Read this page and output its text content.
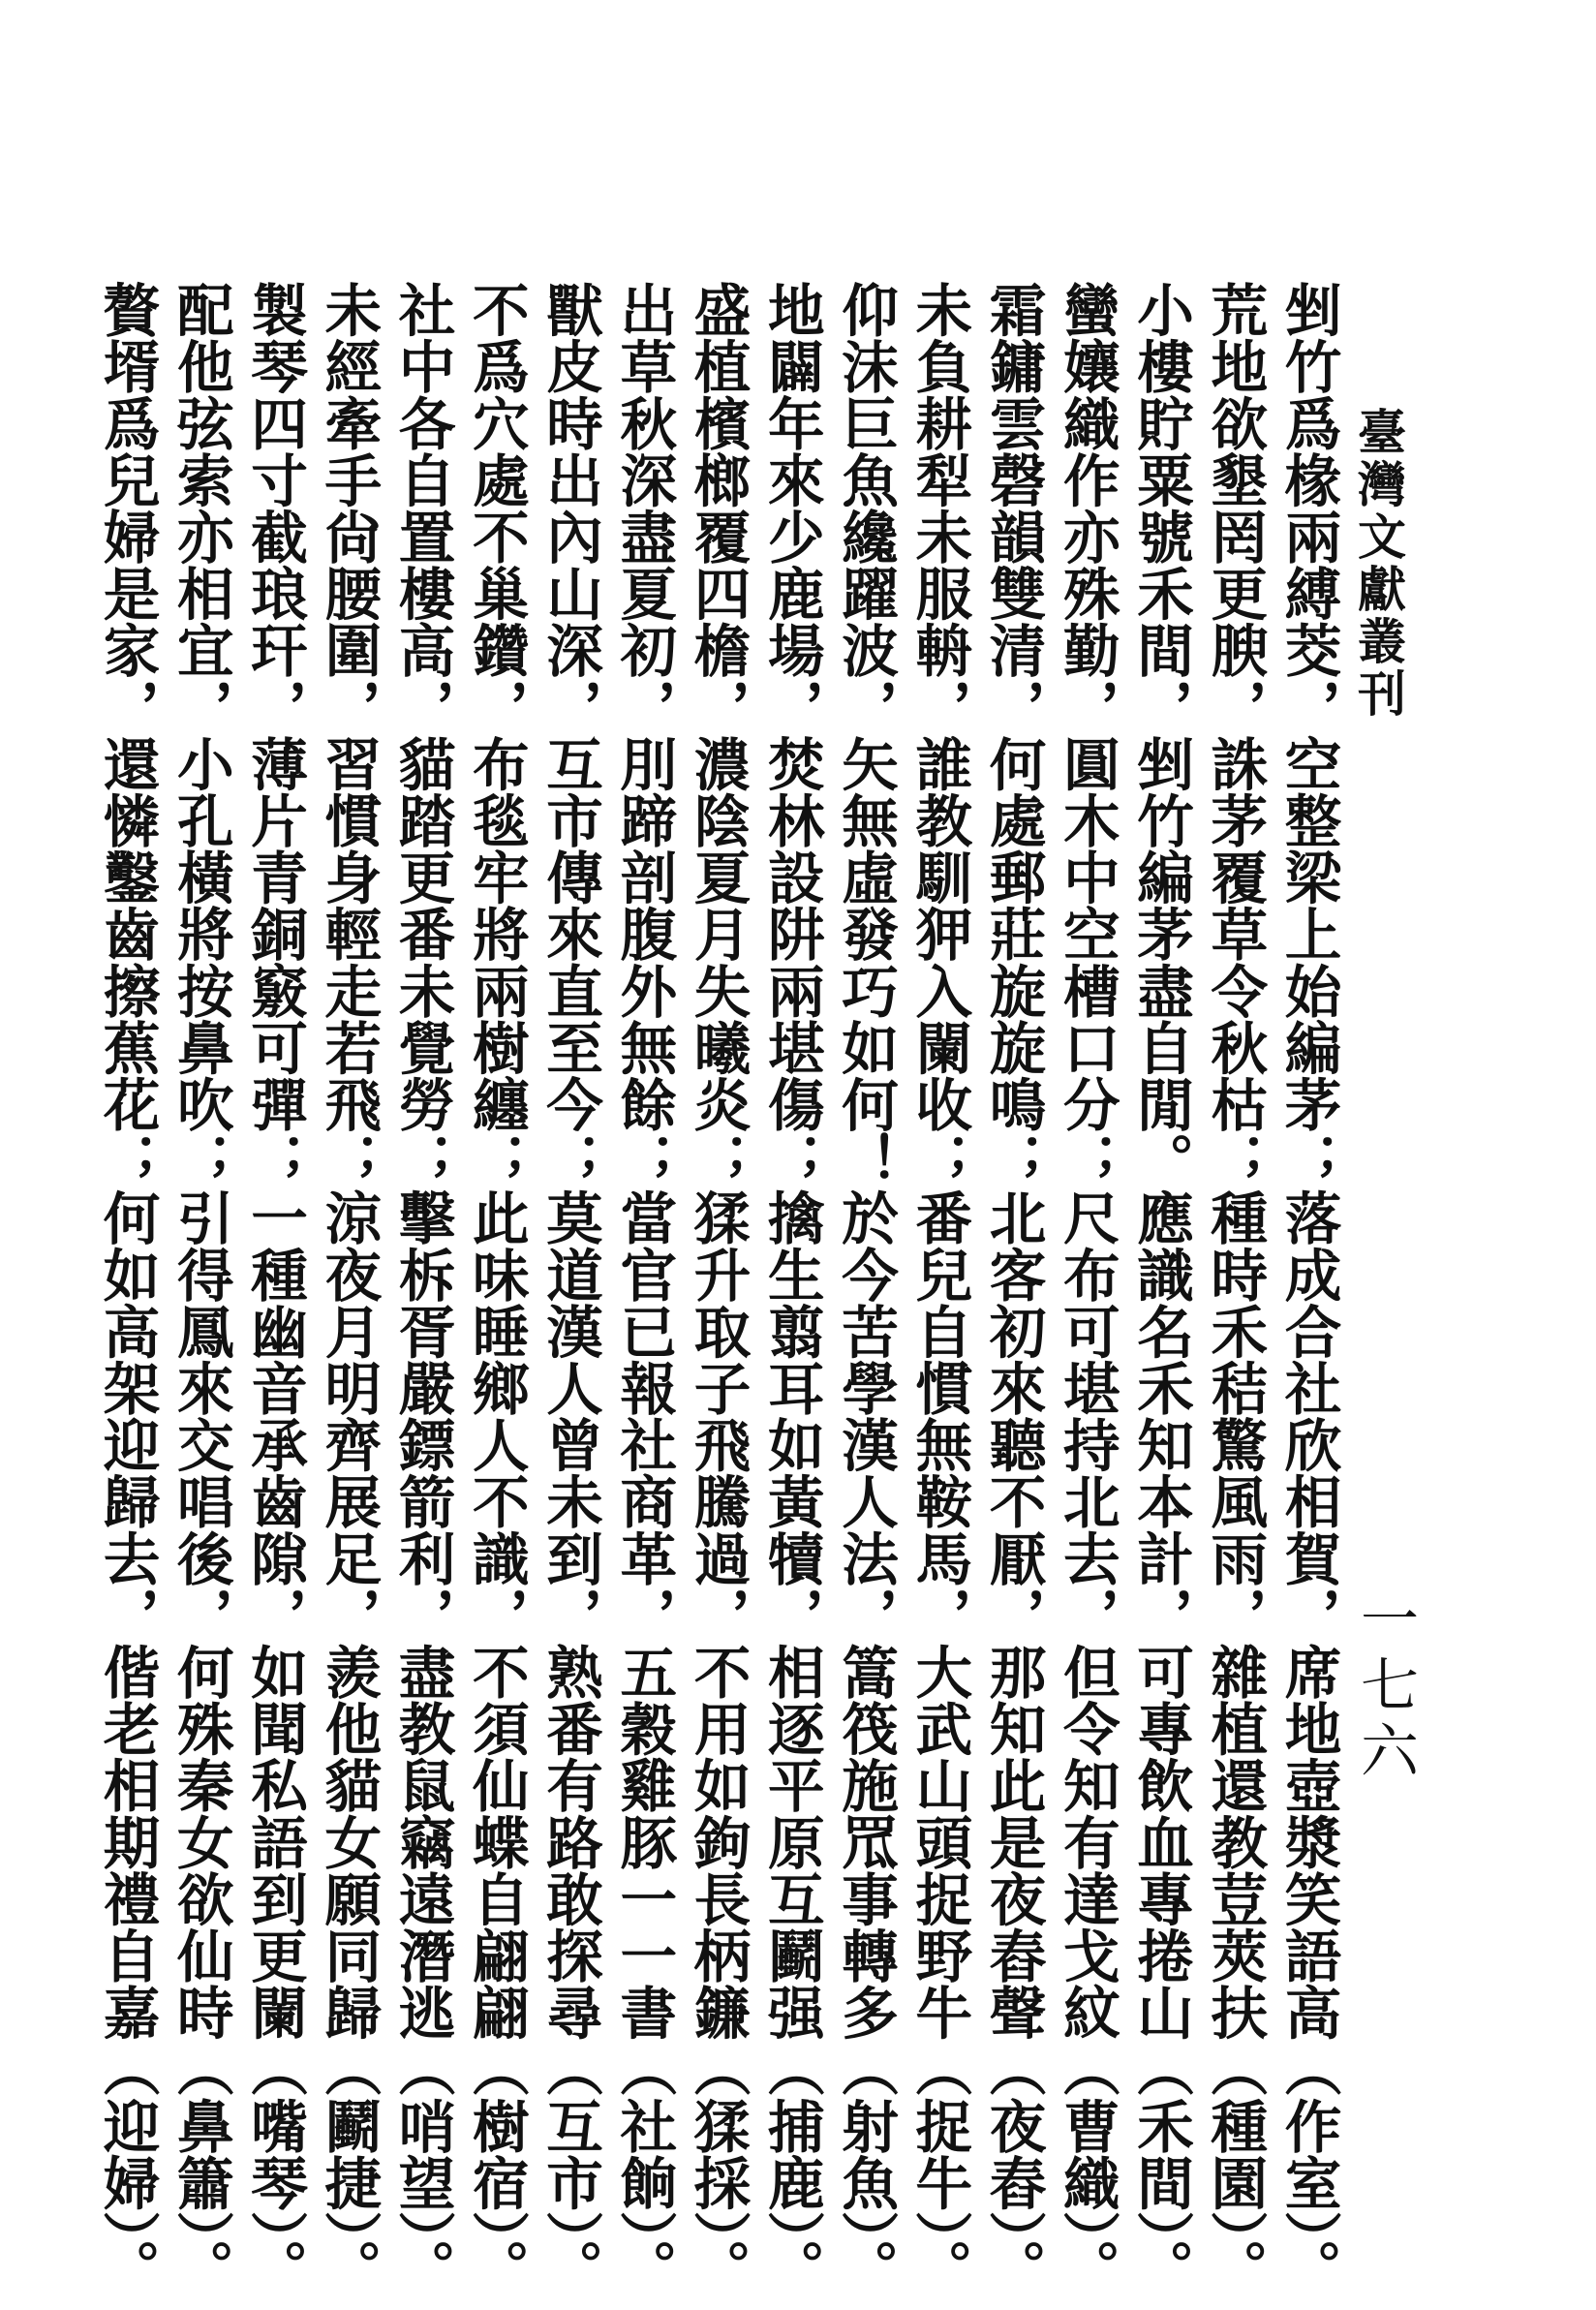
臺灣文獻叢刊
一七六
剉竹爲椽兩縛茭，空整梁上始編茅；落成合社欣相賀，席地壺漿笑語高（作室）。
荒地欲墾罔更腴，誅茅覆草令秋枯；種時禾秸驚風雨，雜植還教荳莢扶（種園）。
小樓貯粟號禾間，剉竹編茅盡自閒。應識名禾知本計，可專飲血專捲山（禾間）。
蠻孃織作亦殊勤，圓木中空槽口分；尺布可堪持北去，但令知有達戈紋（曹織）。
霜鏞雲磬韻雙清，何處郵莊旋旋鳴；北客初來聽不厭，那知此是夜舂聲（夜舂）。
未負耕犁未服輈，誰教馴狎入闌收；番兒自慣無鞍馬，大武山頭捉野牛（捉牛）。
仰沫巨魚纔躍波，矢無虛發巧如何！於今苦學漢人法，篙筏施罛事轉多（射魚）。
地闢年來少鹿場，焚林設阱兩堪傷；擒生翦耳如黃犢，相逐平原互鬬强（捕鹿）。
盛植檳榔覆四檐，濃陰夏月失曦炎；猱升取子飛騰過，不用如鉤長柄鐮（猱採）。
出草秋深盡夏初，刖蹄剖腹外無餘；當官已報社商革，五穀雞豚一一書（社餉）。
獸皮時出內山深，互市傳來直至今；莫道漢人曾未到，熟番有路敢探尋（互市）。
不爲穴處不巢鑽，布毯牢將兩樹纏；此味睡鄉人不識，不須仙蝶自翩翩（樹宿）。
社中各自置樓高，貓踏更番未覺勞；擊柝胥嚴鏢箭利，盡教鼠竊遠潛逃（哨望）。
未經牽手尙腰圍，習慣身輕走若飛；涼夜月明齊展足，羨他貓女願同歸（鬬捷）。
製琴四寸截琅玕，薄片青銅竅可彈；一種幽音承齒隙，如聞私語到更闌（嘴琴）。
配他弦索亦相宜，小孔橫將按鼻吹；引得鳳來交唱後，何殊秦女欲仙時（鼻簫）。
贅壻爲兒婦是家，還憐鑿齒擦蕉花；何如高架迎歸去，偕老相期禮自嘉（迎婦）。
